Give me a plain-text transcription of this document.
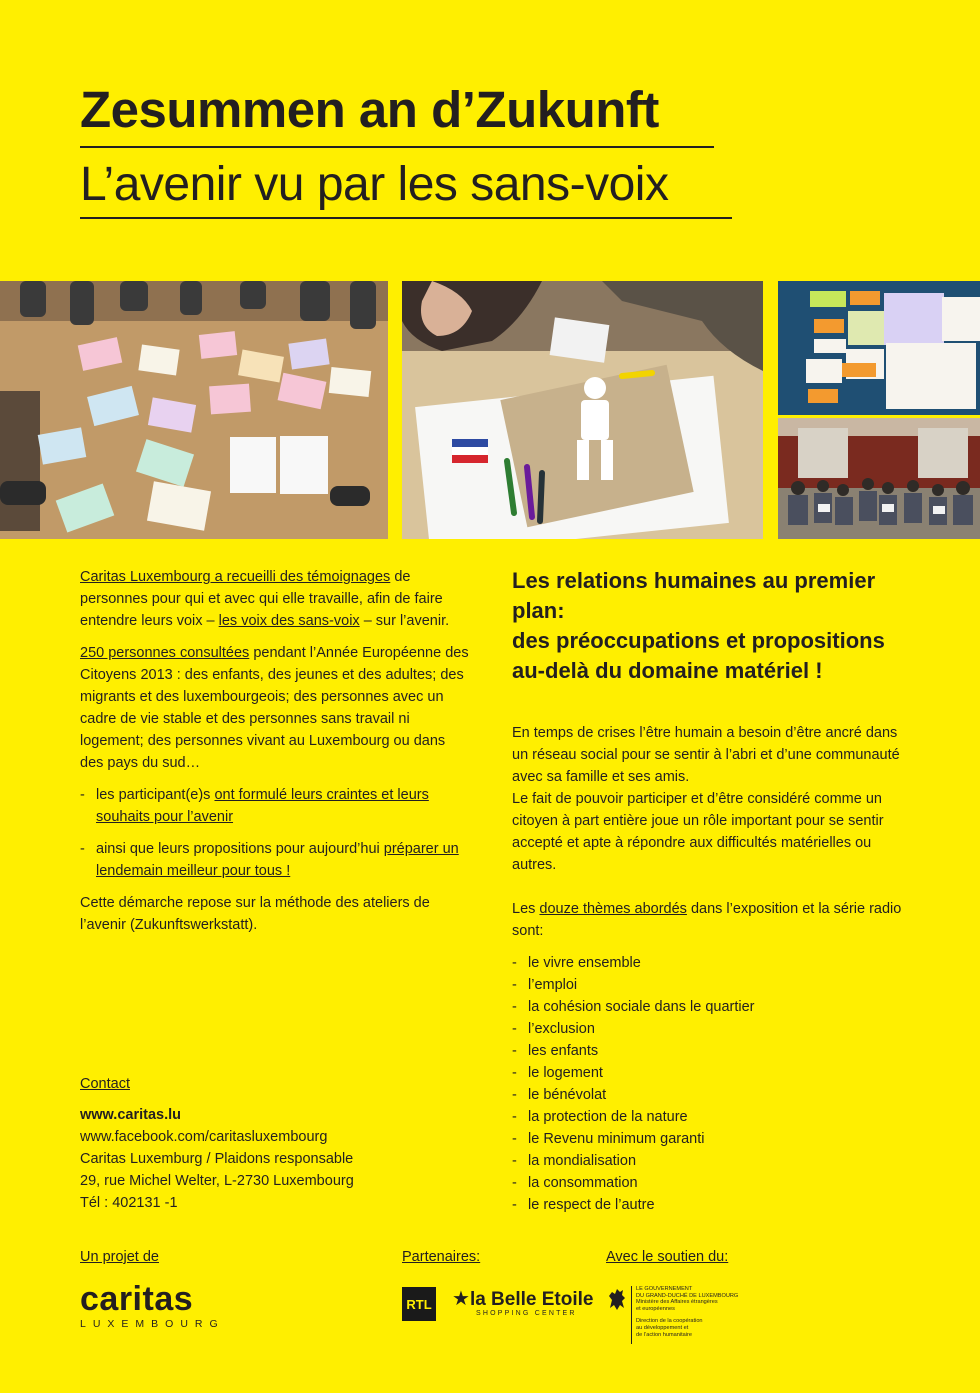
Zesummen an d’Zukunft
L’avenir vu par les sans-voix

Caritas Luxembourg a recueilli des témoignages de personnes pour qui et avec qui elle travaille, afin de faire entendre leurs voix – les voix des sans-voix – sur l’avenir.

250 personnes consultées pendant l’Année Européenne des Citoyens 2013 : des enfants, des jeunes et des adultes; des migrants et des luxembourgeois; des personnes avec un cadre de vie stable et des personnes sans travail ni logement; des personnes vivant au Luxembourg ou dans des pays du sud…

- les participant(e)s ont formulé leurs craintes et leurs souhaits pour l’avenir
- ainsi que leurs propositions pour aujourd’hui préparer un lendemain meilleur pour tous !

Cette démarche repose sur la méthode des ateliers de l’avenir (Zukunftswerkstatt).

Les relations humaines au premier plan:
des préoccupations et propositions au-delà du domaine matériel !

En temps de crises l’être humain a besoin d’être ancré dans un réseau social pour se sentir à l’abri et d’une communauté avec sa famille et ses amis.

Le fait de pouvoir participer et d’être considéré comme un citoyen à part entière joue un rôle important pour se sentir accepté et apte à répondre aux difficultés matérielles ou autres.

Les douze thèmes abordés dans l’exposition et la série radio sont:

- le vivre ensemble
- l’emploi
- la cohésion sociale dans le quartier
- l’exclusion
- les enfants
- le logement
- le bénévolat
- la protection de la nature
- le Revenu minimum garanti
- la mondialisation
- la consommation
- le respect de l’autre
Contact
www.caritas.lu
www.facebook.com/caritasluxembourg
Caritas Luxemburg / Plaidons responsable
29, rue Michel Welter, L-2730 Luxembourg
Tél : 402131 -1
Un projet de	Partenaires:	Avec le soutien du:
caritas
LUXEMBOURG
RTL ★la Belle Etoile
SHOPPING CENTER
LE GOUVERNEMENT
DU GRAND-DUCHÉ DE LUXEMBOURG
Ministère des Affaires étrangères
et européennes
Direction de la coopération
au développement et
de l’action humanitaire
